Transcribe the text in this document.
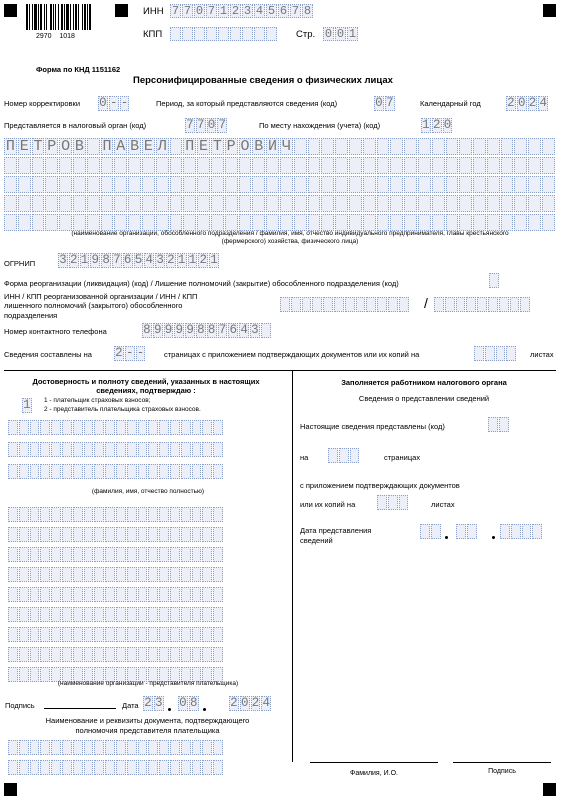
2970    1018
ИНН 7 7 0 7 1 2 3 4 5 6 7 8
КПП	Стр. 0 0 1
Форма по КНД 1151162
Персонифицированные сведения о физических лицах
Номер корректировки 0 - -	Период, за который представляются сведения (код)	0 7	Календарный год 2 0 2 4
Представляется в налоговый орган (код)	7 7 0 7	По месту нахождения (учета) (код)	1 2 0
П Е Т Р О В П А В Е Л П Е Т Р О В И Ч
(наименование организации, обособленного подразделения / фамилия, имя, отчество индивидуального предпринимателя, главы крестьянского (фермерского) хозяйства, физического лица)
ОГРНИП 3 2 1 9 8 7 6 5 4 3 2 1 1 2 1
Форма реорганизации (ликвидация) (код) / Лишение полномочий (закрытие) обособленного подразделения (код)
ИНН / КПП реорганизованной организации / ИНН / КПП лишенного полномочий (закрытого) обособленного подразделения
/
Номер контактного телефона	8 9 9 9 9 8 8 7 6 4 3
Сведения составлены на 2 - -	страницах с приложением подтверждающих документов или их копий на	листах
Достоверность и полноту сведений, указанных в настоящих сведениях, подтверждаю :
1 1 - плательщик страховых взносов;
2 - представитель плательщика страховых взносов.
(фамилия, имя, отчество полностью)
(наименование организации - представителя плательщика)
Подпись	Дата 2 3 0 8	2 0 2 4
Наименование и реквизиты документа, подтверждающего полномочия представителя плательщика
Заполняется работником налогового органа
Сведения о представлении сведений
Настоящие сведения представлены (код)
на	страницах
с приложением подтверждающих документов
или их копий на	листах
Дата представления сведений
Фамилия, И.О.	Подпись
